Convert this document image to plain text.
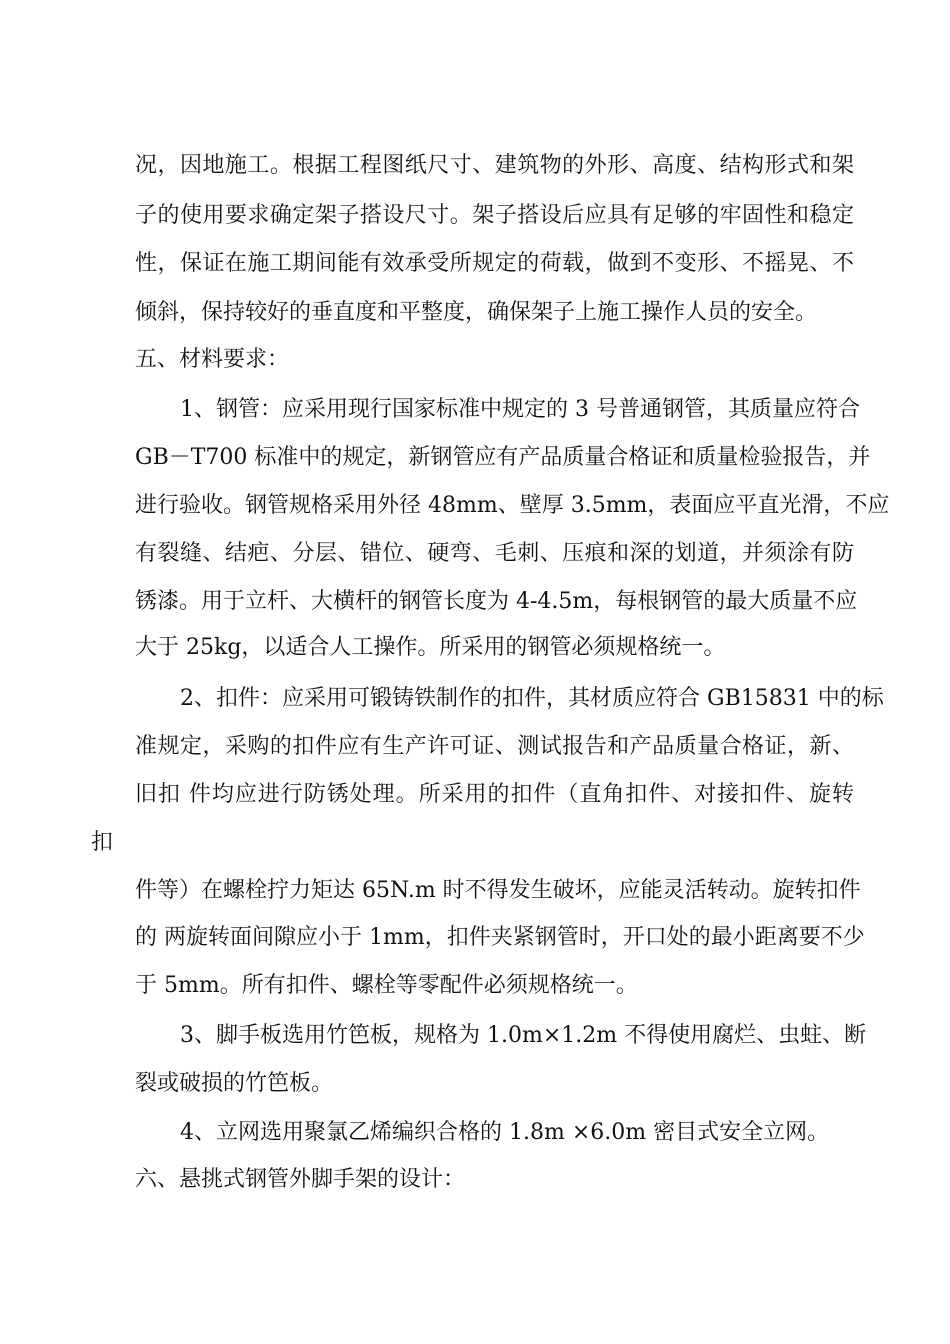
况，因地施工。根据工程图纸尺寸、建筑物的外形、高度、结构形式和架
子的使用要求确定架子搭设尺寸。架子搭设后应具有足够的牢固性和稳定
性，保证在施工期间能有效承受所规定的荷载，做到不变形、不摇晃、不
倾斜，保持较好的垂直度和平整度，确保架子上施工操作人员的安全。
五、材料要求：
1、钢管：应采用现行国家标准中规定的 3 号普通钢管，其质量应符合
GB－T700 标准中的规定，新钢管应有产品质量合格证和质量检验报告，并
进行验收。钢管规格采用外径 48mm、壁厚 3.5mm，表面应平直光滑，不应
有裂缝、结疤、分层、错位、硬弯、毛刺、压痕和深的划道，并须涂有防
锈漆。用于立杆、大横杆的钢管长度为 4-4.5m，每根钢管的最大质量不应
大于 25kg，以适合人工操作。所采用的钢管必须规格统一。
2、扣件：应采用可锻铸铁制作的扣件，其材质应符合 GB15831 中的标
准规定，采购的扣件应有生产许可证、测试报告和产品质量合格证，新、
旧扣 件均应进行防锈处理。所采用的扣件（直角扣件、对接扣件、旋转
扣
件等）在螺栓拧力矩达 65N.m 时不得发生破坏，应能灵活转动。旋转扣件
的 两旋转面间隙应小于 1mm，扣件夹紧钢管时，开口处的最小距离要不少
于 5mm。所有扣件、螺栓等零配件必须规格统一。
3、脚手板选用竹笆板，规格为 1.0m×1.2m 不得使用腐烂、虫蛀、断
裂或破损的竹笆板。
4、立网选用聚氯乙烯编织合格的 1.8m ×6.0m 密目式安全立网。
六、悬挑式钢管外脚手架的设计：
